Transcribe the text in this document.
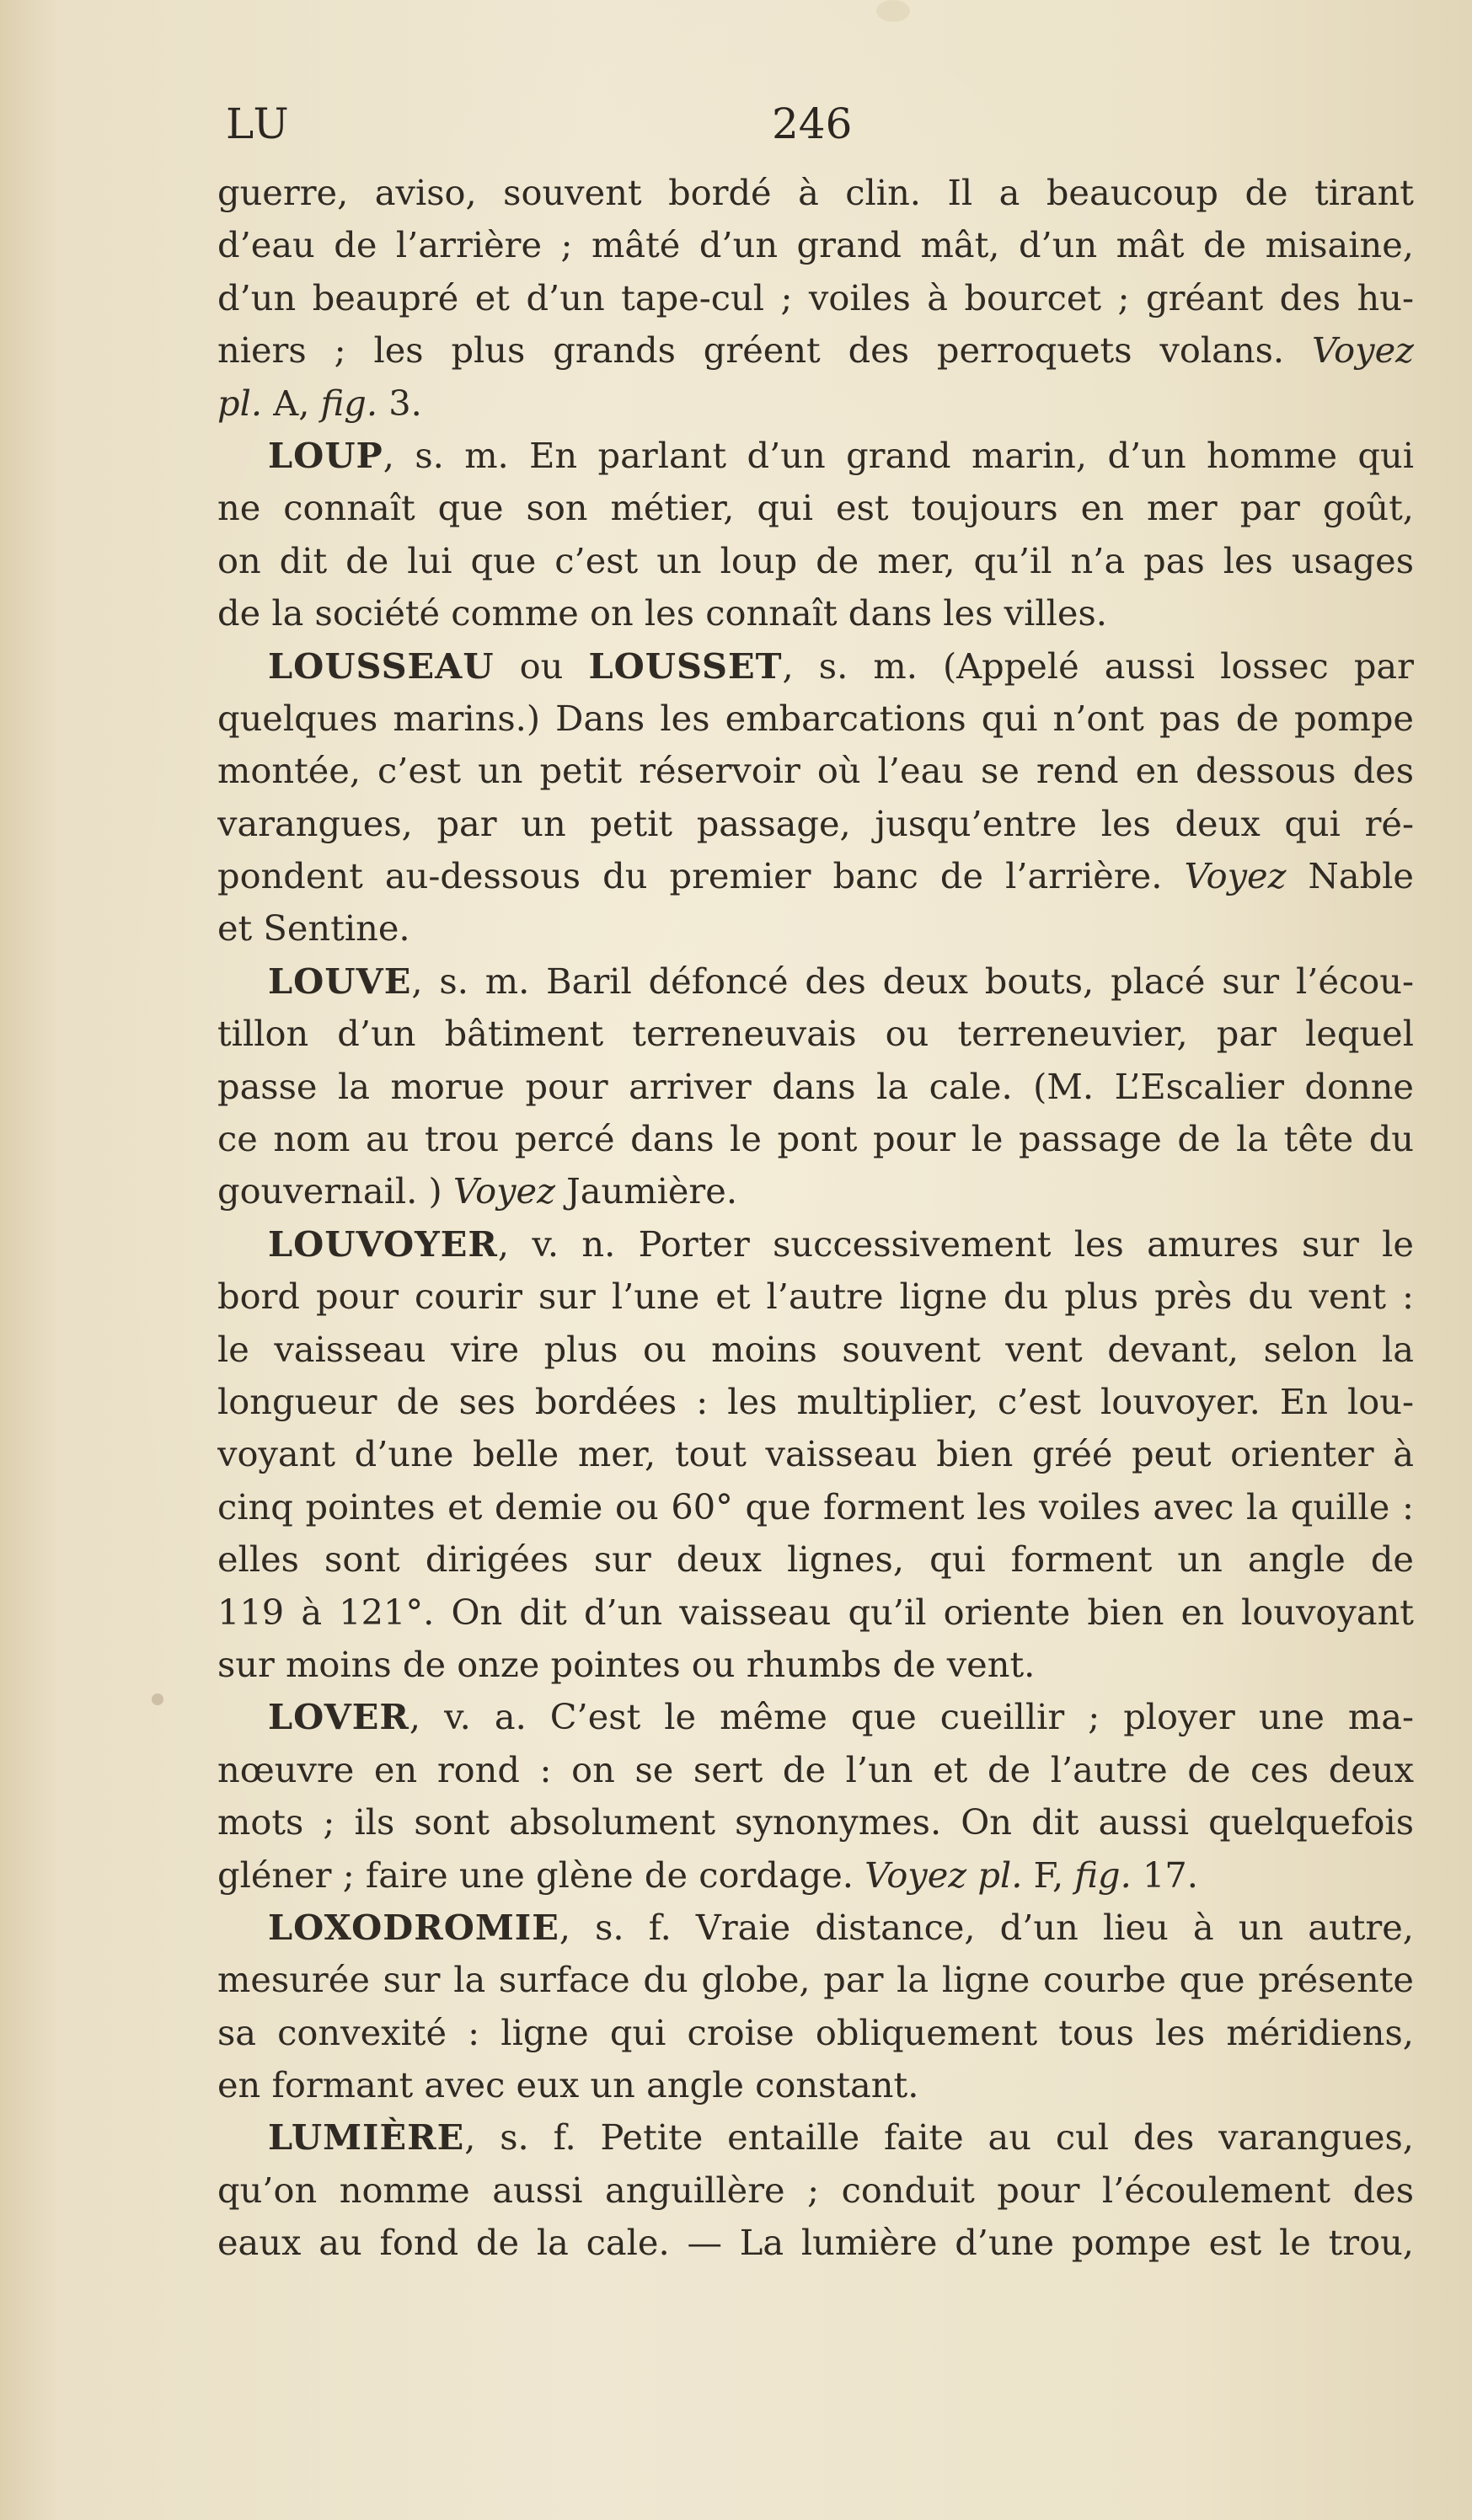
LU	246
guerre, aviso, souvent bordé à clin. Il a beaucoup de tirant
d’eau de l’arrière ; mâté d’un grand mât, d’un mât de misaine,
d’un beaupré et d’un tape-cul ; voiles à bourcet ; gréant des hu-
niers ; les plus grands gréent des perroquets volans. Voyez
pl. A, fig. 3.
LOUP, s. m. En parlant d’un grand marin, d’un homme qui
ne connaît que son métier, qui est toujours en mer par goût,
on dit de lui que c’est un loup de mer, qu’il n’a pas les usages
de la société comme on les connaît dans les villes.
LOUSSEAU ou LOUSSET, s. m. (Appelé aussi lossec par
quelques marins.) Dans les embarcations qui n’ont pas de pompe
montée, c’est un petit réservoir où l’eau se rend en dessous des
varangues, par un petit passage, jusqu’entre les deux qui ré-
pondent au-dessous du premier banc de l’arrière. Voyez Nable
et Sentine.
LOUVE, s. m. Baril défoncé des deux bouts, placé sur l’écou-
tillon d’un bâtiment terreneuvais ou terreneuvier, par lequel
passe la morue pour arriver dans la cale. (M. L’Escalier donne
ce nom au trou percé dans le pont pour le passage de la tête du
gouvernail. ) Voyez Jaumière.
LOUVOYER, v. n. Porter successivement les amures sur le
bord pour courir sur l’une et l’autre ligne du plus près du vent :
le vaisseau vire plus ou moins souvent vent devant, selon la
longueur de ses bordées : les multiplier, c’est louvoyer. En lou-
voyant d’une belle mer, tout vaisseau bien gréé peut orienter à
cinq pointes et demie ou 60° que forment les voiles avec la quille :
elles sont dirigées sur deux lignes, qui forment un angle de
119 à 121°. On dit d’un vaisseau qu’il oriente bien en louvoyant
sur moins de onze pointes ou rhumbs de vent.
LOVER, v. a. C’est le même que cueillir ; ployer une ma-
nœuvre en rond : on se sert de l’un et de l’autre de ces deux
mots ; ils sont absolument synonymes. On dit aussi quelquefois
gléner ; faire une glène de cordage. Voyez pl. F, fig. 17.
LOXODROMIE, s. f. Vraie distance, d’un lieu à un autre,
mesurée sur la surface du globe, par la ligne courbe que présente
sa convexité : ligne qui croise obliquement tous les méridiens,
en formant avec eux un angle constant.
LUMIÈRE, s. f. Petite entaille faite au cul des varangues,
qu’on nomme aussi anguillère ; conduit pour l’écoulement des
eaux au fond de la cale. — La lumière d’une pompe est le trou,
